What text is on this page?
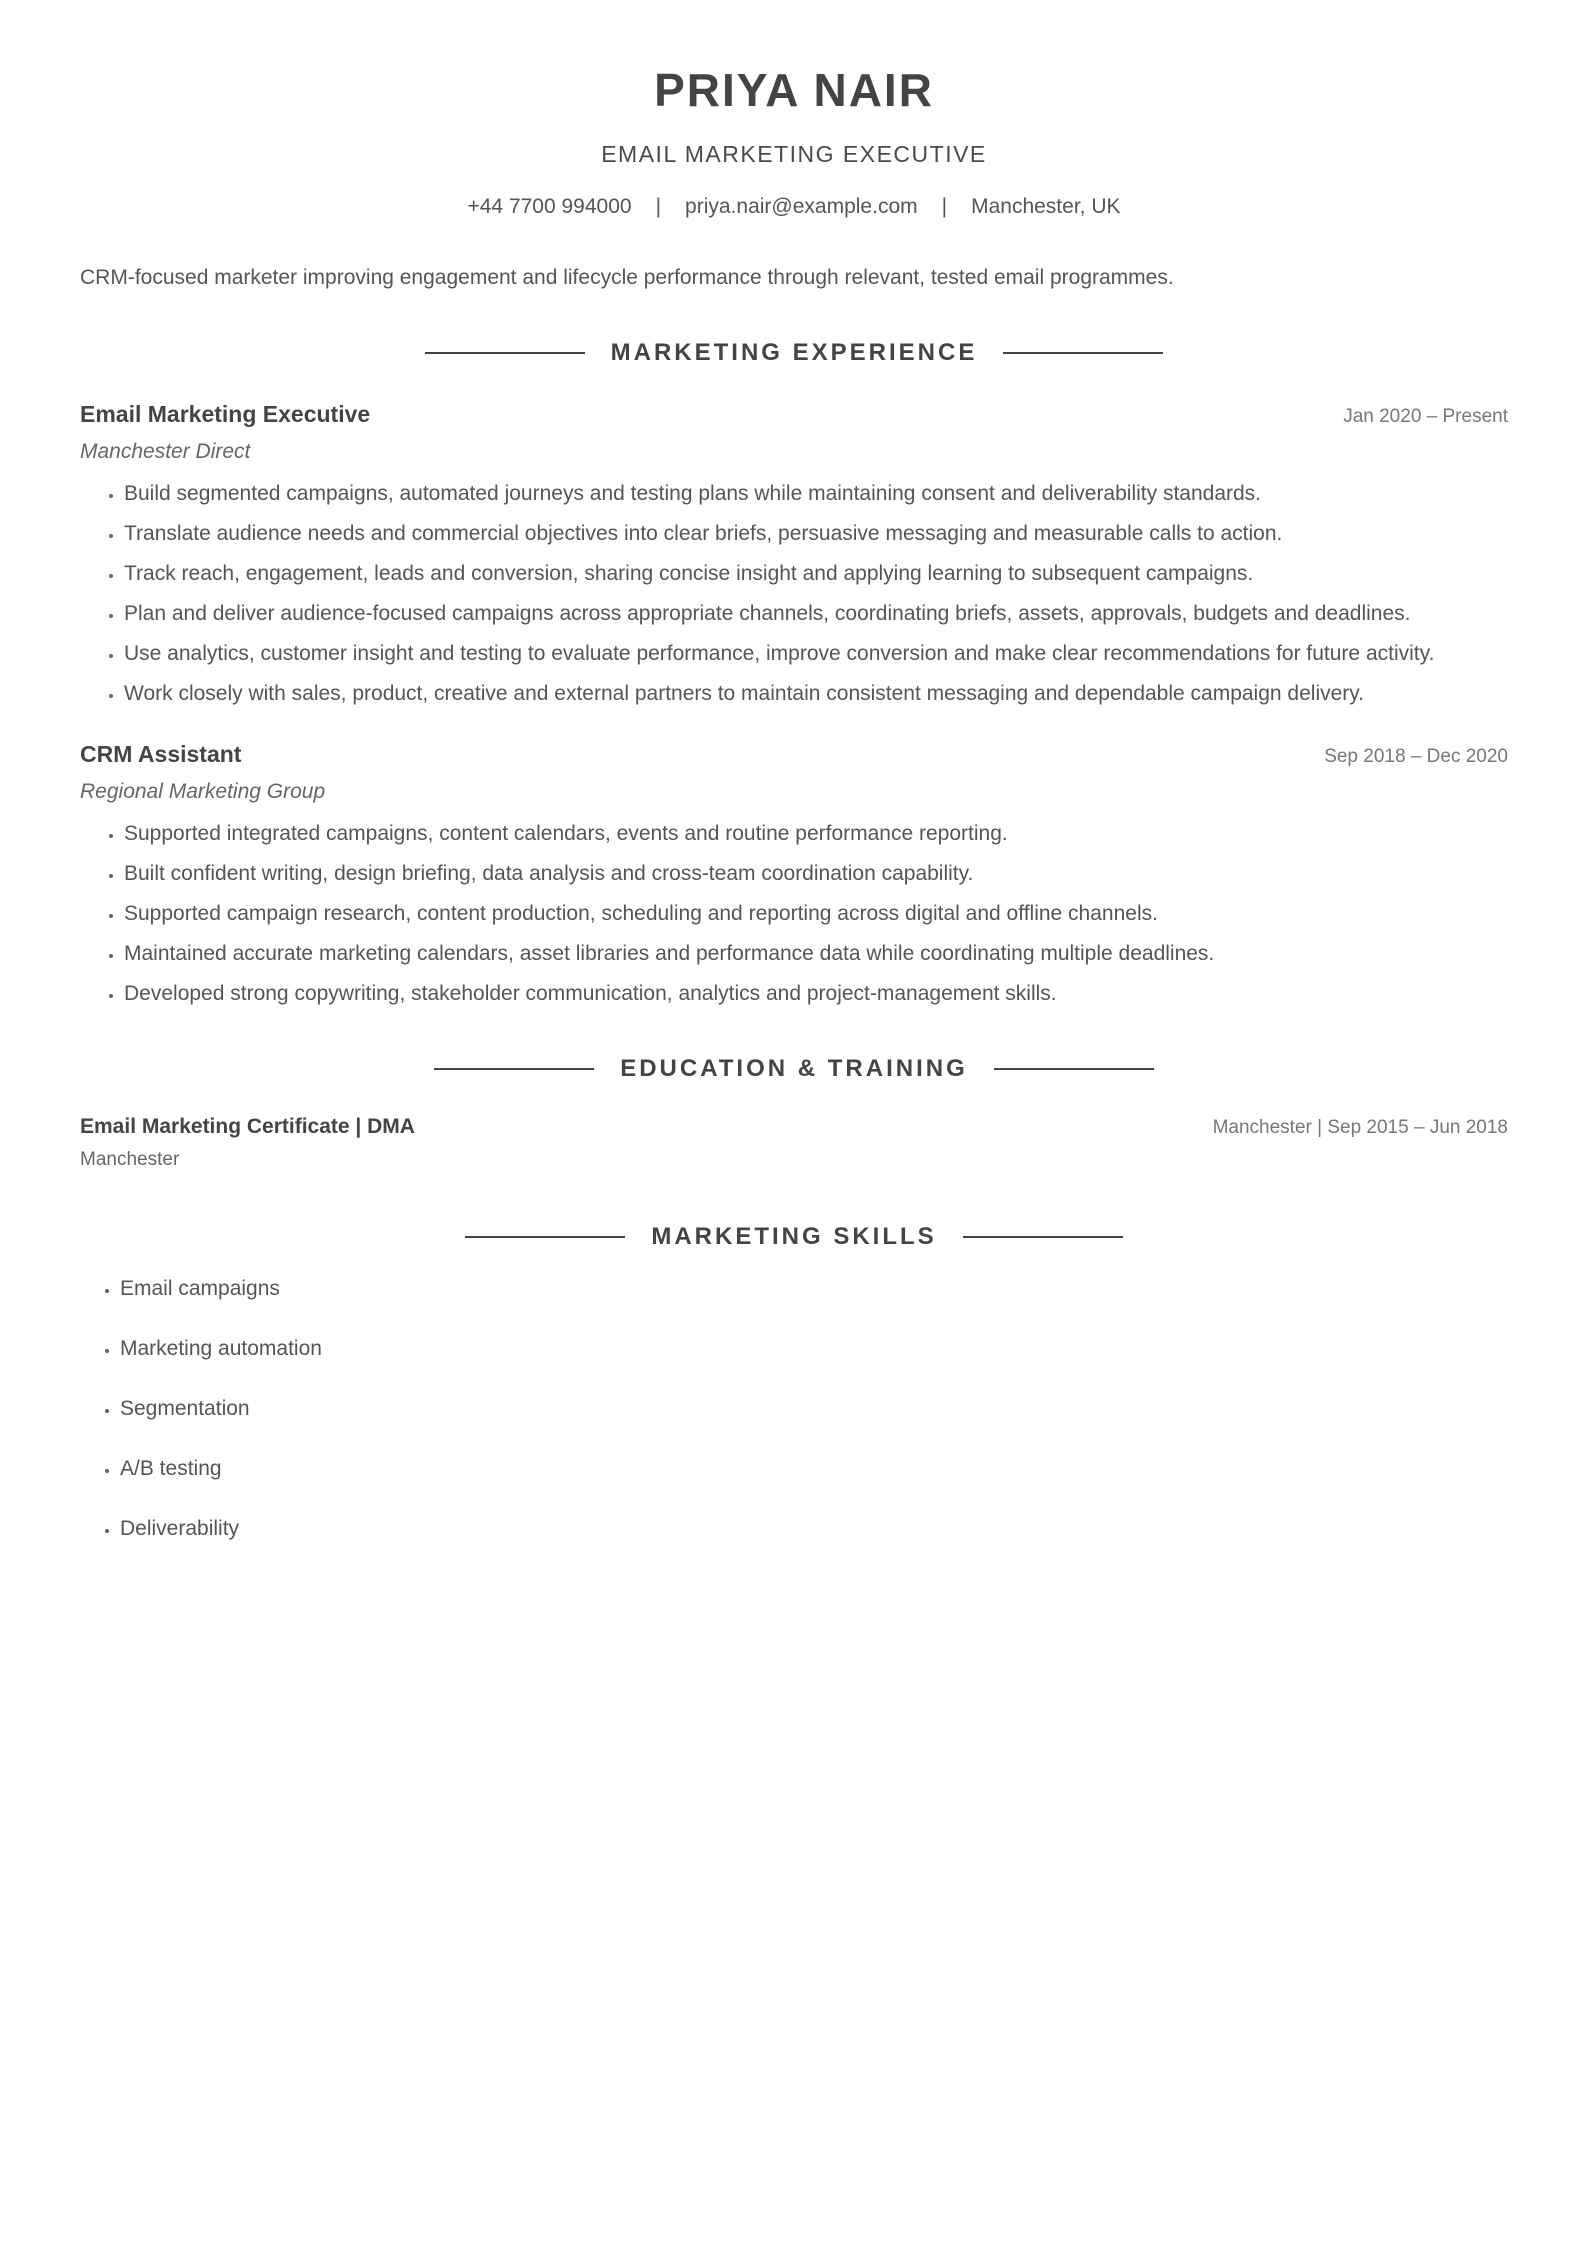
PRIYA NAIR
EMAIL MARKETING EXECUTIVE
+44 7700 994000 | priya.nair@example.com | Manchester, UK
CRM-focused marketer improving engagement and lifecycle performance through relevant, tested email programmes.
MARKETING EXPERIENCE
Email Marketing Executive	Jan 2020 – Present
Manchester Direct
• Build segmented campaigns, automated journeys and testing plans while maintaining consent and deliverability standards.
• Translate audience needs and commercial objectives into clear briefs, persuasive messaging and measurable calls to action.
• Track reach, engagement, leads and conversion, sharing concise insight and applying learning to subsequent campaigns.
• Plan and deliver audience-focused campaigns across appropriate channels, coordinating briefs, assets, approvals, budgets and deadlines.
• Use analytics, customer insight and testing to evaluate performance, improve conversion and make clear recommendations for future activity.
• Work closely with sales, product, creative and external partners to maintain consistent messaging and dependable campaign delivery.
CRM Assistant	Sep 2018 – Dec 2020
Regional Marketing Group
• Supported integrated campaigns, content calendars, events and routine performance reporting.
• Built confident writing, design briefing, data analysis and cross-team coordination capability.
• Supported campaign research, content production, scheduling and reporting across digital and offline channels.
• Maintained accurate marketing calendars, asset libraries and performance data while coordinating multiple deadlines.
• Developed strong copywriting, stakeholder communication, analytics and project-management skills.
EDUCATION & TRAINING
Email Marketing Certificate | DMA	Manchester | Sep 2015 – Jun 2018
Manchester
MARKETING SKILLS
• Email campaigns
• Marketing automation
• Segmentation
• A/B testing
• Deliverability
